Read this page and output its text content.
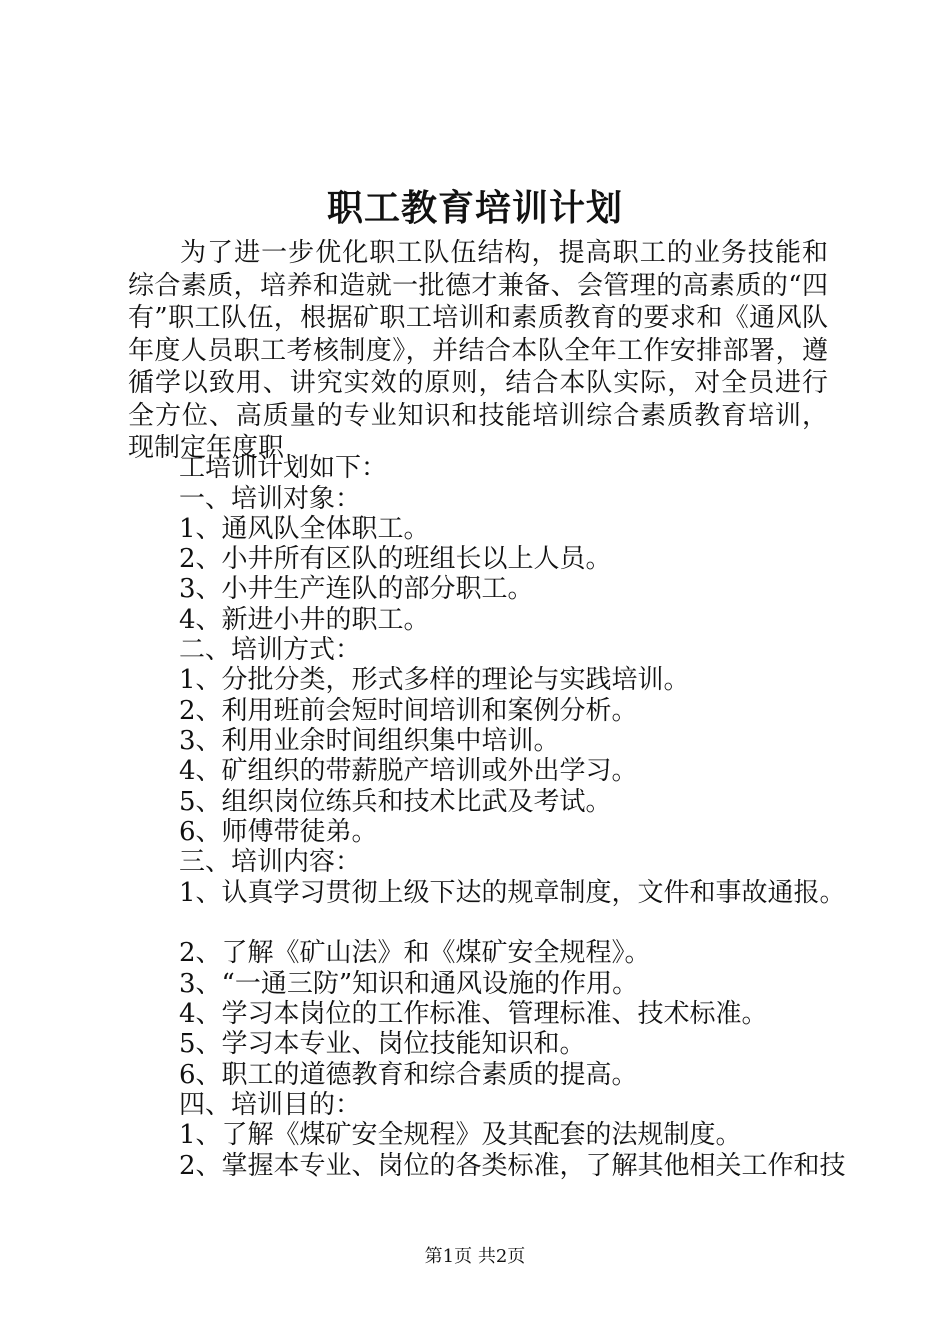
职工教育培训计划

为了进一步优化职工队伍结构，提高职工的业务技能和综合素质，培养和造就一批德才兼备、会管理的高素质的“四有”职工队伍，根据矿职工培训和素质教育的要求和《通风队年度人员职工考核制度》，并结合本队全年工作安排部署，遵循学以致用、讲究实效的原则，结合本队实际，对全员进行全方位、高质量的专业知识和技能培训综合素质教育培训，现制定年度职

工培训计划如下：
一、培训对象：
1、通风队全体职工。
2、小井所有区队的班组长以上人员。
3、小井生产连队的部分职工。
4、新进小井的职工。
二、培训方式：
1、分批分类，形式多样的理论与实践培训。
2、利用班前会短时间培训和案例分析。
3、利用业余时间组织集中培训。
4、矿组织的带薪脱产培训或外出学习。
5、组织岗位练兵和技术比武及考试。
6、师傅带徒弟。
三、培训内容：
1、认真学习贯彻上级下达的规章制度，文件和事故通报。
2、了解《矿山法》和《煤矿安全规程》。
3、“一通三防”知识和通风设施的作用。
4、学习本岗位的工作标准、管理标准、技术标准。
5、学习本专业、岗位技能知识和。
6、职工的道德教育和综合素质的提高。
四、培训目的：
1、了解《煤矿安全规程》及其配套的法规制度。
2、掌握本专业、岗位的各类标准，了解其他相关工作和技
第1页 共2页
